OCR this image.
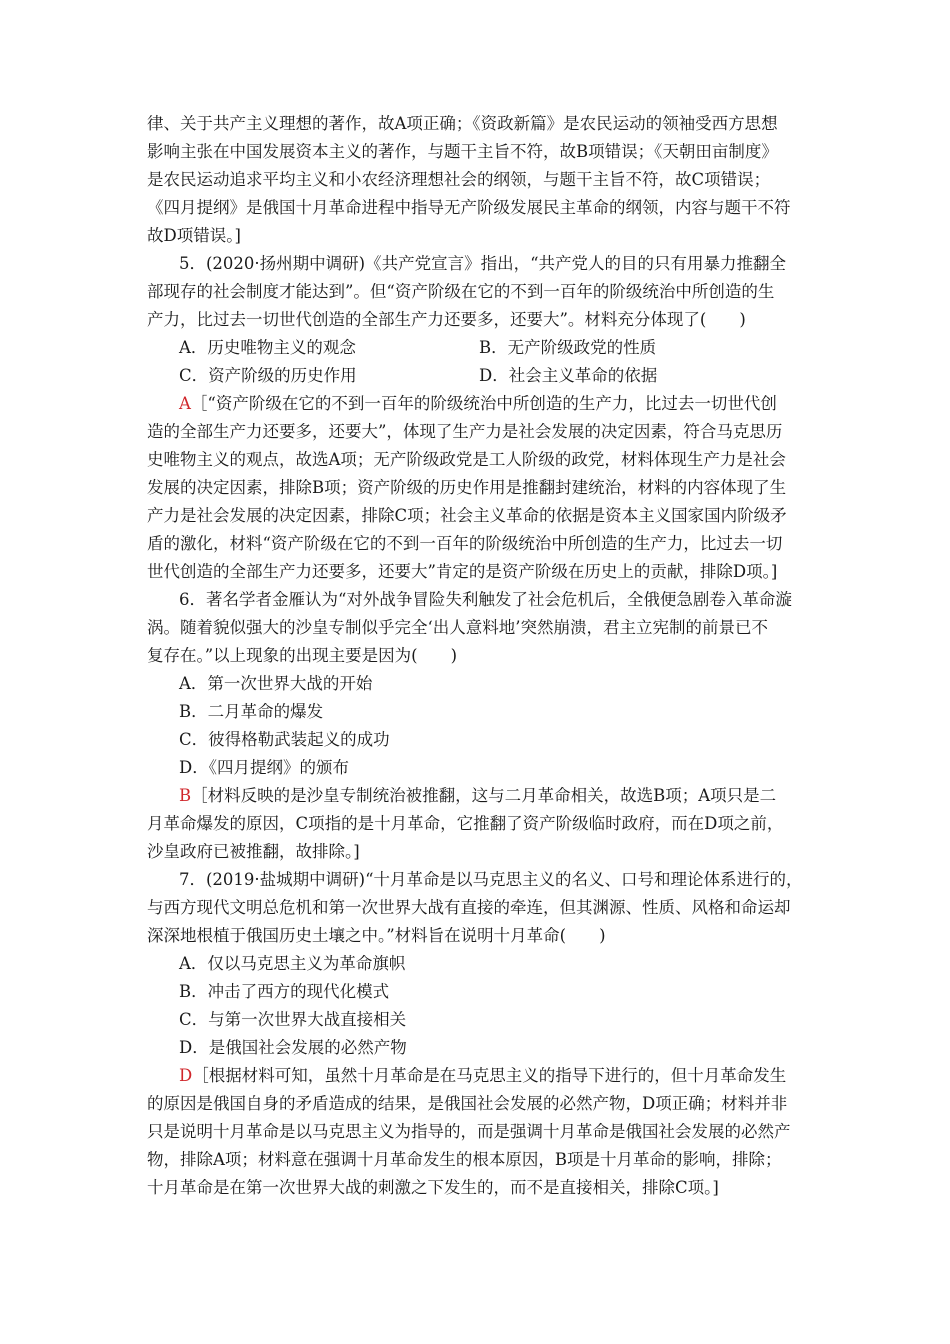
律、关于共产主义理想的著作，故A项正确；《资政新篇》是农民运动的领袖受西方思想
影响主张在中国发展资本主义的著作，与题干主旨不符，故B项错误；《天朝田亩制度》
是农民运动追求平均主义和小农经济理想社会的纲领，与题干主旨不符，故C项错误；
《四月提纲》是俄国十月革命进程中指导无产阶级发展民主革命的纲领，内容与题干不符
故D项错误。]
5．(2020·扬州期中调研)《共产党宣言》指出，“共产党人的目的只有用暴力推翻全
部现存的社会制度才能达到”。但“资产阶级在它的不到一百年的阶级统治中所创造的生
产力，比过去一切世代创造的全部生产力还要多，还要大”。材料充分体现了(　　)
A．历史唯物主义的观念	B．无产阶级政党的性质
C．资产阶级的历史作用	D．社会主义革命的依据
A［“资产阶级在它的不到一百年的阶级统治中所创造的生产力，比过去一切世代创
造的全部生产力还要多，还要大”，体现了生产力是社会发展的决定因素，符合马克思历
史唯物主义的观点，故选A项；无产阶级政党是工人阶级的政党，材料体现生产力是社会
发展的决定因素，排除B项；资产阶级的历史作用是推翻封建统治，材料的内容体现了生
产力是社会发展的决定因素，排除C项；社会主义革命的依据是资本主义国家国内阶级矛
盾的激化，材料“资产阶级在它的不到一百年的阶级统治中所创造的生产力，比过去一切
世代创造的全部生产力还要多，还要大”肯定的是资产阶级在历史上的贡献，排除D项。]
6．著名学者金雁认为“对外战争冒险失利触发了社会危机后，全俄便急剧卷入革命漩
涡。随着貌似强大的沙皇专制似乎完全‘出人意料地’突然崩溃，君主立宪制的前景已不
复存在。”以上现象的出现主要是因为(　　)
A．第一次世界大战的开始
B．二月革命的爆发
C．彼得格勒武装起义的成功
D．《四月提纲》的颁布
B［材料反映的是沙皇专制统治被推翻，这与二月革命相关，故选B项；A项只是二
月革命爆发的原因，C项指的是十月革命，它推翻了资产阶级临时政府，而在D项之前，
沙皇政府已被推翻，故排除。]
7．(2019·盐城期中调研)“十月革命是以马克思主义的名义、口号和理论体系进行的，
与西方现代文明总危机和第一次世界大战有直接的牵连，但其渊源、性质、风格和命运却
深深地根植于俄国历史土壤之中。”材料旨在说明十月革命(　　)
A．仅以马克思主义为革命旗帜
B．冲击了西方的现代化模式
C．与第一次世界大战直接相关
D．是俄国社会发展的必然产物
D［根据材料可知，虽然十月革命是在马克思主义的指导下进行的，但十月革命发生
的原因是俄国自身的矛盾造成的结果，是俄国社会发展的必然产物，D项正确；材料并非
只是说明十月革命是以马克思主义为指导的，而是强调十月革命是俄国社会发展的必然产
物，排除A项；材料意在强调十月革命发生的根本原因，B项是十月革命的影响，排除；
十月革命是在第一次世界大战的刺激之下发生的，而不是直接相关，排除C项。]
